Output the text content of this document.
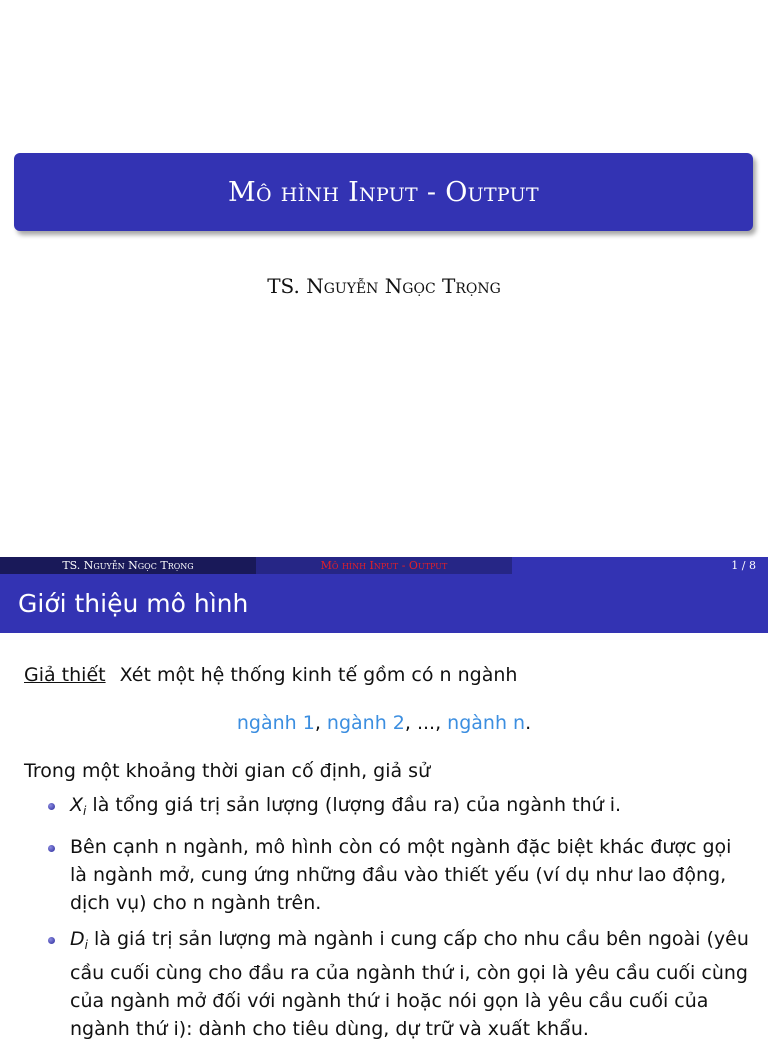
Mô hình Input - Output
TS. Nguyễn Ngọc Trọng
TS. Nguyễn Ngọc Trọng	Mô hình Input - Output	1 / 8
Giới thiệu mô hình
Giả thiết Xét một hệ thống kinh tế gồm có n ngành
ngành 1, ngành 2, ..., ngành n.
Trong một khoảng thời gian cố định, giả sử
$X_i$ là tổng giá trị sản lượng (lượng đầu ra) của ngành thứ i.
Bên cạnh n ngành, mô hình còn có một ngành đặc biệt khác được gọi là ngành mở, cung ứng những đầu vào thiết yếu (ví dụ như lao động, dịch vụ) cho n ngành trên.
$D_i$ là giá trị sản lượng mà ngành i cung cấp cho nhu cầu bên ngoài (yêu cầu cuối cùng cho đầu ra của ngành thứ i, còn gọi là yêu cầu cuối cùng của ngành mở đối với ngành thứ i hoặc nói gọn là yêu cầu cuối của ngành thứ i): dành cho tiêu dùng, dự trữ và xuất khẩu.
